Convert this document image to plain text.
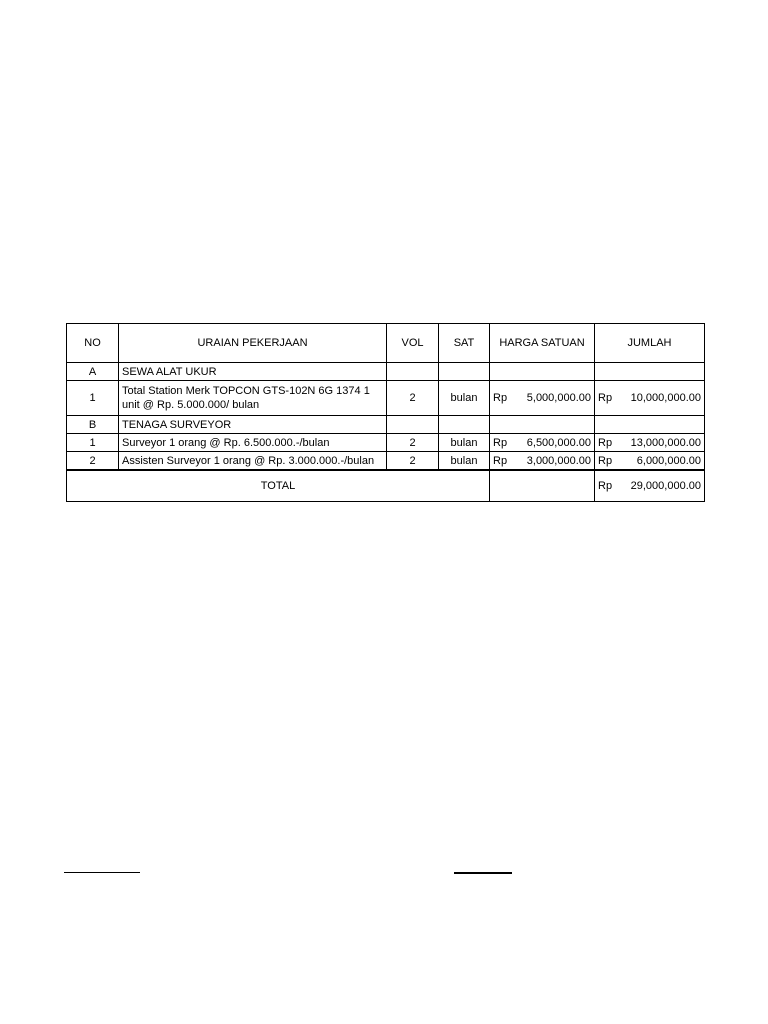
NO	URAIAN PEKERJAAN	VOL	SAT	HARGA SATUAN	JUMLAH
A	SEWA ALAT UKUR			

1	Total Station Merk TOPCON GTS-102N 6G 1374 1 unit @ Rp. 5.000.000/ bulan	2	bulan	Rp 5,000,000.00	Rp 10,000,000.00

B	TENAGA SURVEYOR			

1	Surveyor 1 orang @ Rp. 6.500.000.-/bulan	2	bulan	Rp 6,500,000.00	Rp 13,000,000.00

2	Assisten Surveyor 1 orang @ Rp. 3.000.000.-/bulan	2	bulan	Rp 3,000,000.00	Rp 6,000,000.00

TOTAL					Rp 29,000,000.00
